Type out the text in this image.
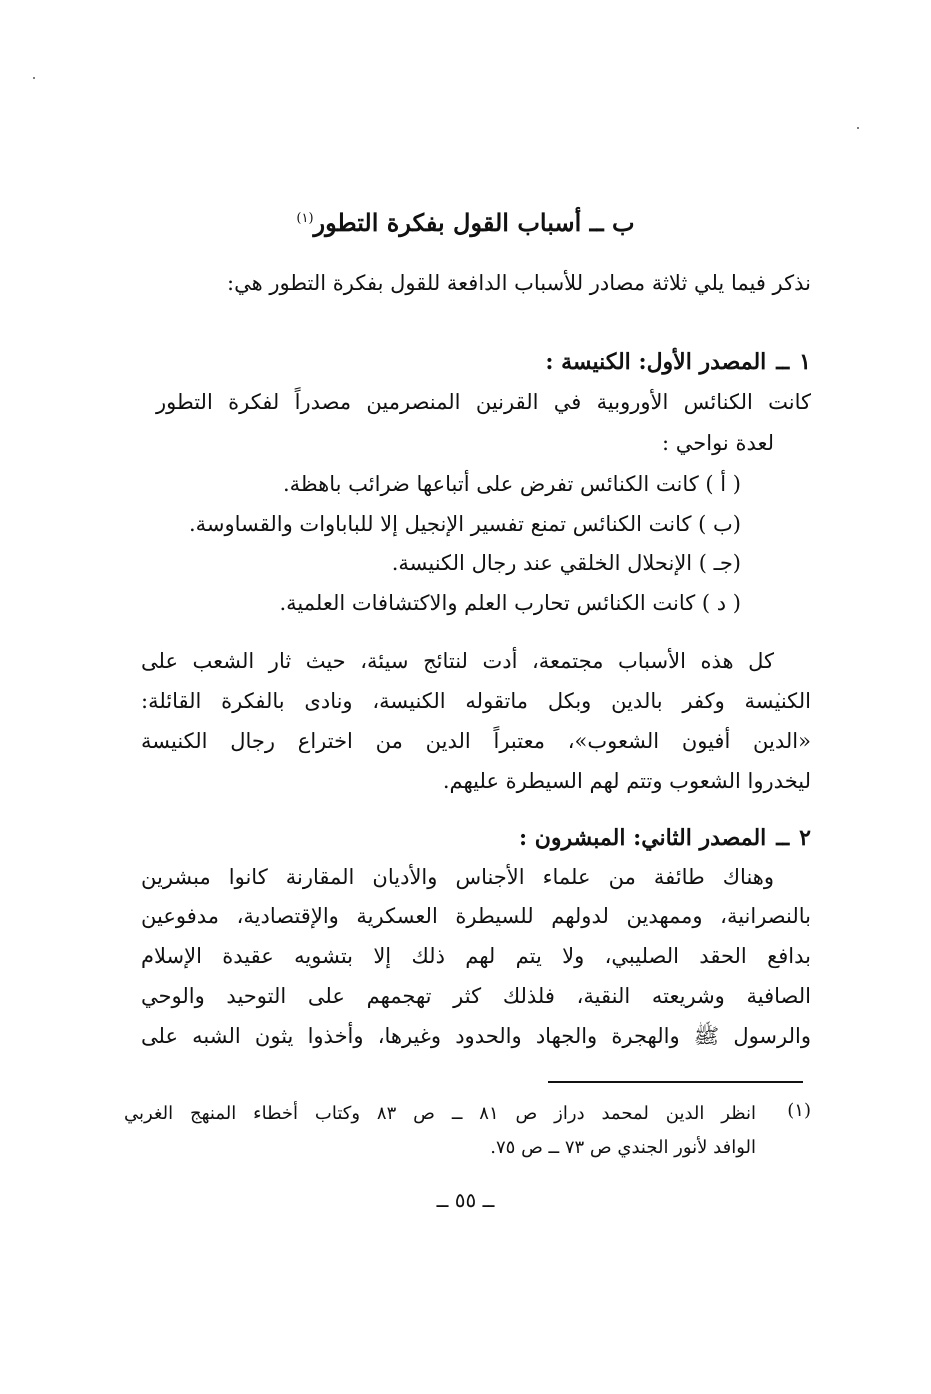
ب ــ أسباب القول بفكرة التطور$^{(١)}$
نذكر فيما يلي ثلاثة مصادر للأسباب الدافعة للقول بفكرة التطور هي:
١ــالمصدر الأول: الكنيسة :
كانت الكنائس الأوروبية في القرنين المنصرمين مصدراً لفكرة التطور
لعدة نواحي :
( أ ) كانت الكنائس تفرض على أتباعها ضرائب باهظة.
(ب ) كانت الكنائس تمنع تفسير الإنجيل إلا للباباوات والقساوسة.
(جـ ) الإنحلال الخلقي عند رجال الكنيسة.
( د ) كانت الكنائس تحارب العلم والاكتشافات العلمية.
كل هذه الأسباب مجتمعة، أدت لنتائج سيئة، حيث ثار الشعب على
الكنيسة وكفر بالدين وبكل ماتقوله الكنيسة، ونادى بالفكرة القائلة:
«الدين أفيون الشعوب»، معتبراً الدين من اختراع رجال الكنيسة
ليخدروا الشعوب وتتم لهم السيطرة عليهم.
٢ــالمصدر الثاني: المبشرون :
وهناك طائفة من علماء الأجناس والأديان المقارنة كانوا مبشرين
بالنصرانية، وممهدين لدولهم للسيطرة العسكرية والإقتصادية، مدفوعين
بدافع الحقد الصليبي، ولا يتم لهم ذلك إلا بتشويه عقيدة الإسلام
الصافية وشريعته النقية، فلذلك كثر تهجمهم على التوحيد والوحي
والرسول ﷺ والهجرة والجهاد والحدود وغيرها، وأخذوا يثون الشبه على
(١)
انظر الدين لمحمد دراز ص ٨١ ــ ص ٨٣ وكتاب أخطاء المنهج الغربي
الوافد لأنور الجندي ص ٧٣ ــ ص ٧٥.
ــ ٥٥ ــ
